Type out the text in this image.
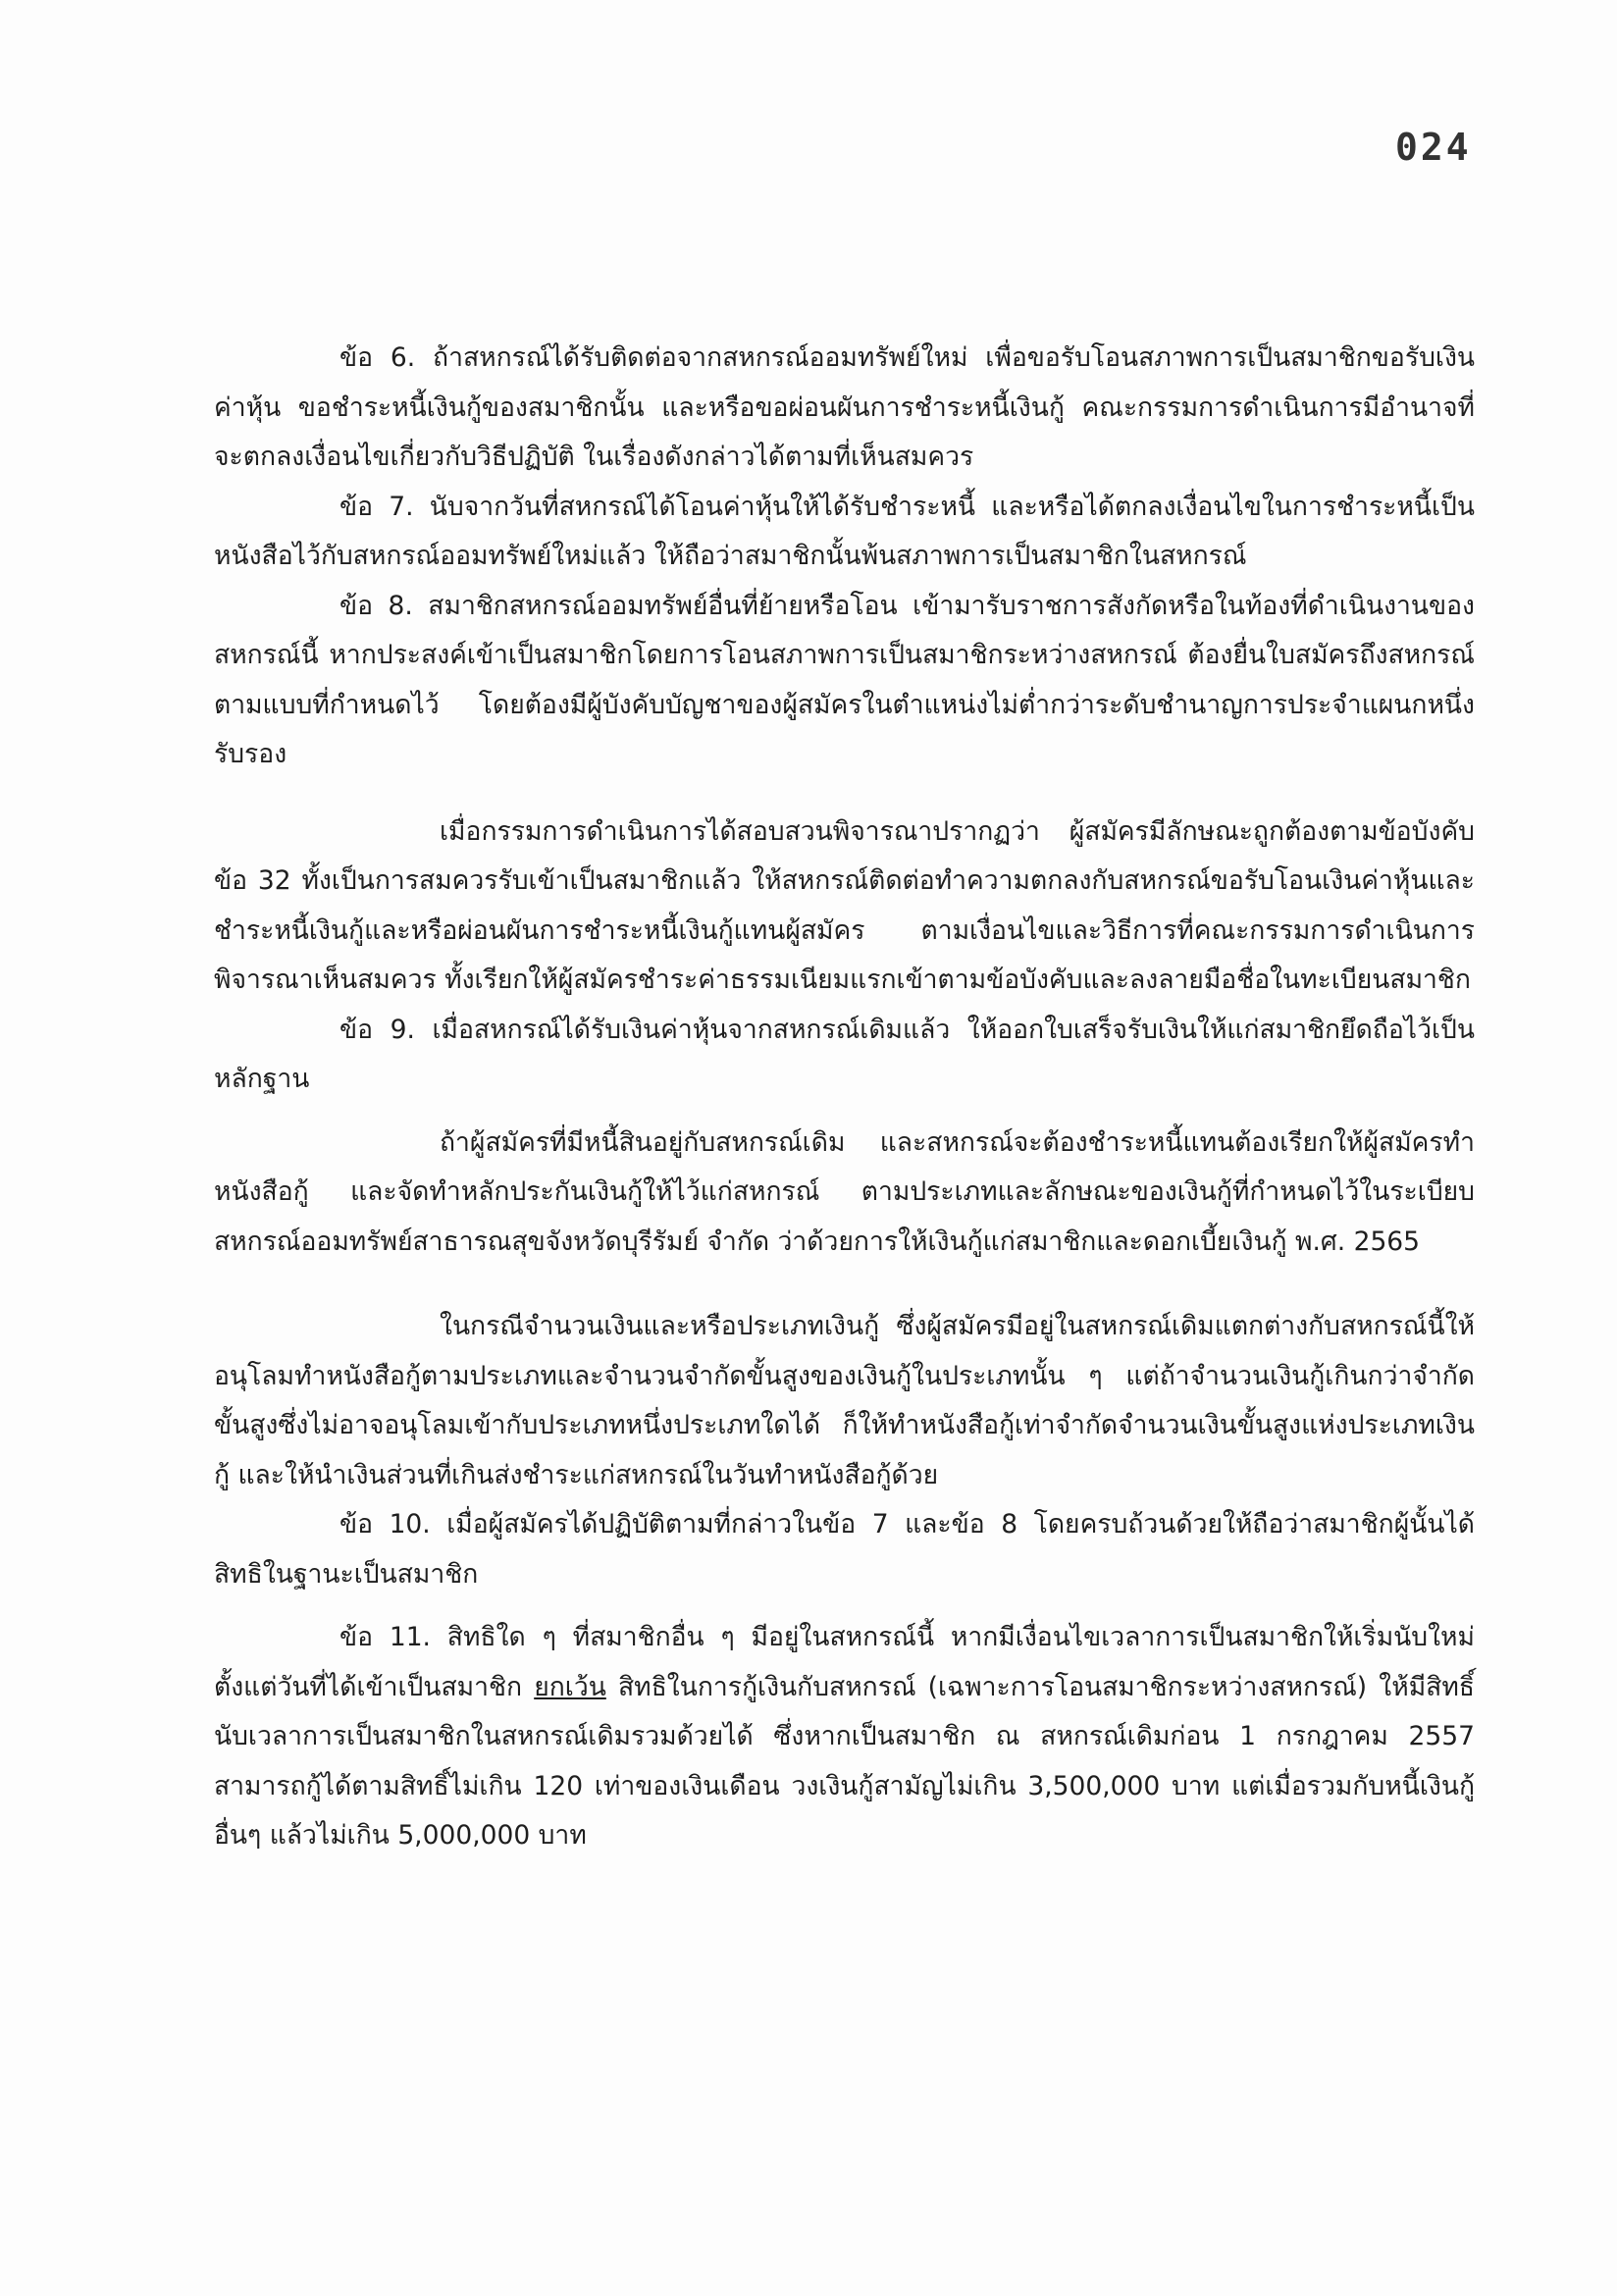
024

ข้อ 6. ถ้าสหกรณ์ได้รับติดต่อจากสหกรณ์ออมทรัพย์ใหม่ เพื่อขอรับโอนสภาพการเป็นสมาชิกขอรับเงินค่าหุ้น ขอชำระหนี้เงินกู้ของสมาชิกนั้น และหรือขอผ่อนผันการชำระหนี้เงินกู้ คณะกรรมการดำเนินการมีอำนาจที่จะตกลงเงื่อนไขเกี่ยวกับวิธีปฏิบัติ ในเรื่องดังกล่าวได้ตามที่เห็นสมควร

ข้อ 7. นับจากวันที่สหกรณ์ได้โอนค่าหุ้นให้ได้รับชำระหนี้ และหรือได้ตกลงเงื่อนไขในการชำระหนี้เป็นหนังสือไว้กับสหกรณ์ออมทรัพย์ใหม่แล้ว ให้ถือว่าสมาชิกนั้นพ้นสภาพการเป็นสมาชิกในสหกรณ์

ข้อ 8. สมาชิกสหกรณ์ออมทรัพย์อื่นที่ย้ายหรือโอน เข้ามารับราชการสังกัดหรือในท้องที่ดำเนินงานของสหกรณ์นี้ หากประสงค์เข้าเป็นสมาชิกโดยการโอนสภาพการเป็นสมาชิกระหว่างสหกรณ์ ต้องยื่นใบสมัครถึงสหกรณ์ตามแบบที่กำหนดไว้ โดยต้องมีผู้บังคับบัญชาของผู้สมัครในตำแหน่งไม่ต่ำกว่าระดับชำนาญการประจำแผนกหนึ่งรับรอง

เมื่อกรรมการดำเนินการได้สอบสวนพิจารณาปรากฏว่า ผู้สมัครมีลักษณะถูกต้องตามข้อบังคับข้อ 32 ทั้งเป็นการสมควรรับเข้าเป็นสมาชิกแล้ว ให้สหกรณ์ติดต่อทำความตกลงกับสหกรณ์ขอรับโอนเงินค่าหุ้นและชำระหนี้เงินกู้และหรือผ่อนผันการชำระหนี้เงินกู้แทนผู้สมัคร ตามเงื่อนไขและวิธีการที่คณะกรรมการดำเนินการพิจารณาเห็นสมควร ทั้งเรียกให้ผู้สมัครชำระค่าธรรมเนียมแรกเข้าตามข้อบังคับและลงลายมือชื่อในทะเบียนสมาชิก

ข้อ 9. เมื่อสหกรณ์ได้รับเงินค่าหุ้นจากสหกรณ์เดิมแล้ว ให้ออกใบเสร็จรับเงินให้แก่สมาชิกยึดถือไว้เป็นหลักฐาน

ถ้าผู้สมัครที่มีหนี้สินอยู่กับสหกรณ์เดิม และสหกรณ์จะต้องชำระหนี้แทนต้องเรียกให้ผู้สมัครทำหนังสือกู้ และจัดทำหลักประกันเงินกู้ให้ไว้แก่สหกรณ์ ตามประเภทและลักษณะของเงินกู้ที่กำหนดไว้ในระเบียบสหกรณ์ออมทรัพย์สาธารณสุขจังหวัดบุรีรัมย์ จำกัด ว่าด้วยการให้เงินกู้แก่สมาชิกและดอกเบี้ยเงินกู้ พ.ศ. 2565

ในกรณีจำนวนเงินและหรือประเภทเงินกู้ ซึ่งผู้สมัครมีอยู่ในสหกรณ์เดิมแตกต่างกับสหกรณ์นี้ให้อนุโลมทำหนังสือกู้ตามประเภทและจำนวนจำกัดขั้นสูงของเงินกู้ในประเภทนั้น ๆ แต่ถ้าจำนวนเงินกู้เกินกว่าจำกัดขั้นสูงซึ่งไม่อาจอนุโลมเข้ากับประเภทหนึ่งประเภทใดได้ ก็ให้ทำหนังสือกู้เท่าจำกัดจำนวนเงินขั้นสูงแห่งประเภทเงินกู้ และให้นำเงินส่วนที่เกินส่งชำระแก่สหกรณ์ในวันทำหนังสือกู้ด้วย

ข้อ 10. เมื่อผู้สมัครได้ปฏิบัติตามที่กล่าวในข้อ 7 และข้อ 8 โดยครบถ้วนด้วยให้ถือว่าสมาชิกผู้นั้นได้สิทธิในฐานะเป็นสมาชิก

ข้อ 11. สิทธิใด ๆ ที่สมาชิกอื่น ๆ มีอยู่ในสหกรณ์นี้ หากมีเงื่อนไขเวลาการเป็นสมาชิกให้เริ่มนับใหม่ตั้งแต่วันที่ได้เข้าเป็นสมาชิก ยกเว้น สิทธิในการกู้เงินกับสหกรณ์ (เฉพาะการโอนสมาชิกระหว่างสหกรณ์) ให้มีสิทธิ์นับเวลาการเป็นสมาชิกในสหกรณ์เดิมรวมด้วยได้ ซึ่งหากเป็นสมาชิก ณ สหกรณ์เดิมก่อน 1 กรกฎาคม 2557 สามารถกู้ได้ตามสิทธิ์ไม่เกิน 120 เท่าของเงินเดือน วงเงินกู้สามัญไม่เกิน 3,500,000 บาท แต่เมื่อรวมกับหนี้เงินกู้อื่นๆ แล้วไม่เกิน 5,000,000 บาท
